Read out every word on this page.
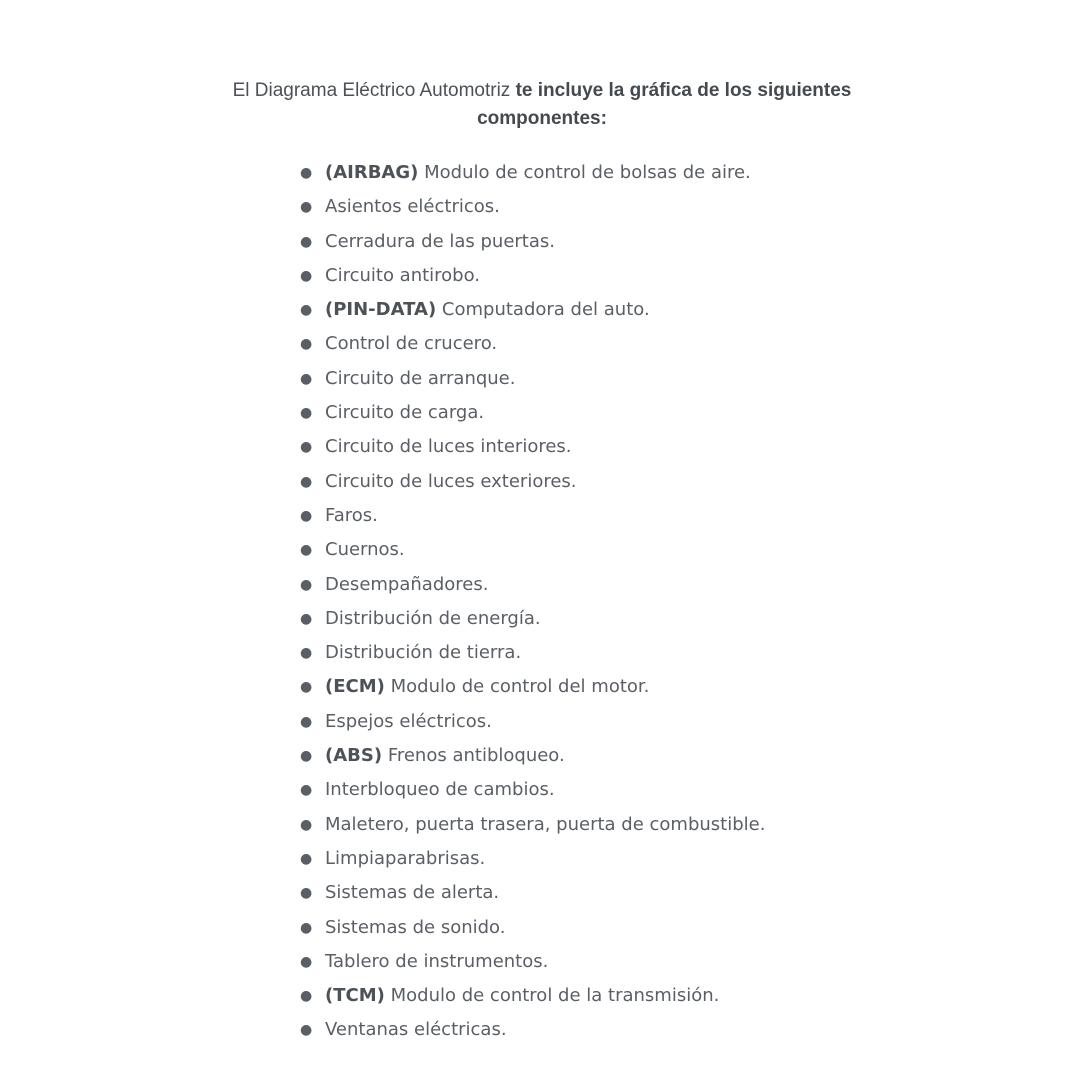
El Diagrama Eléctrico Automotriz te incluye la gráfica de los siguientes componentes:

● (AIRBAG) Modulo de control de bolsas de aire.
● Asientos eléctricos.
● Cerradura de las puertas.
● Circuito antirobo.
● (PIN-DATA) Computadora del auto.
● Control de crucero.
● Circuito de arranque.
● Circuito de carga.
● Circuito de luces interiores.
● Circuito de luces exteriores.
● Faros.
● Cuernos.
● Desempañadores.
● Distribución de energía.
● Distribución de tierra.
● (ECM) Modulo de control del motor.
● Espejos eléctricos.
● (ABS) Frenos antibloqueo.
● Interbloqueo de cambios.
● Maletero, puerta trasera, puerta de combustible.
● Limpiaparabrisas.
● Sistemas de alerta.
● Sistemas de sonido.
● Tablero de instrumentos.
● (TCM) Modulo de control de la transmisión.
● Ventanas eléctricas.
